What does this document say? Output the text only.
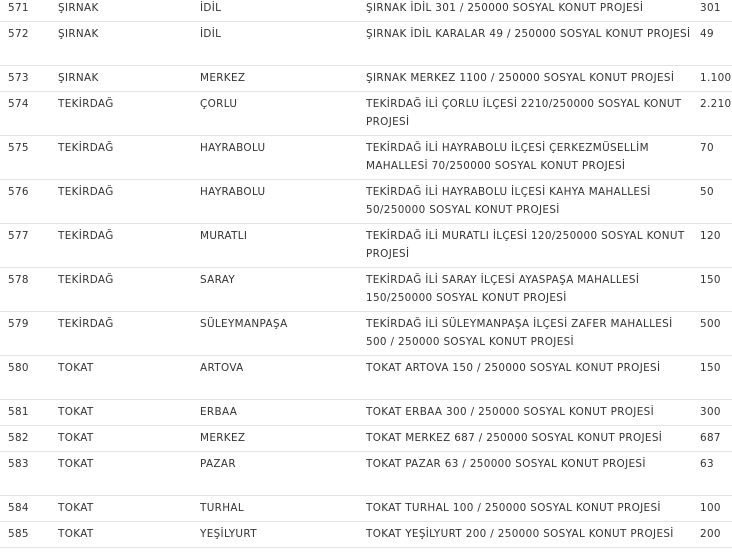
571	ŞIRNAK	İDİL	ŞIRNAK İDİL 301 / 250000 SOSYAL KONUT PROJESİ	301
572	ŞIRNAK	İDİL	ŞIRNAK İDİL KARALAR 49 / 250000 SOSYAL KONUT PROJESİ	49
573	ŞIRNAK	MERKEZ	ŞIRNAK MERKEZ 1100 / 250000 SOSYAL KONUT PROJESİ	1.100
574	TEKİRDAĞ	ÇORLU	TEKİRDAĞ İLİ ÇORLU İLÇESİ 2210/250000 SOSYAL KONUT PROJESİ	2.210
575	TEKİRDAĞ	HAYRABOLU	TEKİRDAĞ İLİ HAYRABOLU İLÇESİ ÇERKEZMÜSELLİM MAHALLESİ 70/250000 SOSYAL KONUT PROJESİ	70
576	TEKİRDAĞ	HAYRABOLU	TEKİRDAĞ İLİ HAYRABOLU İLÇESİ KAHYA MAHALLESİ 50/250000 SOSYAL KONUT PROJESİ	50
577	TEKİRDAĞ	MURATLI	TEKİRDAĞ İLİ MURATLI İLÇESİ 120/250000 SOSYAL KONUT PROJESİ	120
578	TEKİRDAĞ	SARAY	TEKİRDAĞ İLİ SARAY İLÇESİ AYASPAŞA MAHALLESİ 150/250000 SOSYAL KONUT PROJESİ	150
579	TEKİRDAĞ	SÜLEYMANPAŞA	TEKİRDAĞ İLİ SÜLEYMANPAŞA İLÇESİ ZAFER MAHALLESİ 500 / 250000 SOSYAL KONUT PROJESİ	500
580	TOKAT	ARTOVA	TOKAT ARTOVA 150 / 250000 SOSYAL KONUT PROJESİ	150
581	TOKAT	ERBAA	TOKAT ERBAA 300 / 250000 SOSYAL KONUT PROJESİ	300
582	TOKAT	MERKEZ	TOKAT MERKEZ 687 / 250000 SOSYAL KONUT PROJESİ	687
583	TOKAT	PAZAR	TOKAT PAZAR 63 / 250000 SOSYAL KONUT PROJESİ	63
584	TOKAT	TURHAL	TOKAT TURHAL 100 / 250000 SOSYAL KONUT PROJESİ	100
585	TOKAT	YEŞİLYURT	TOKAT YEŞİLYURT 200 / 250000 SOSYAL KONUT PROJESİ	200
